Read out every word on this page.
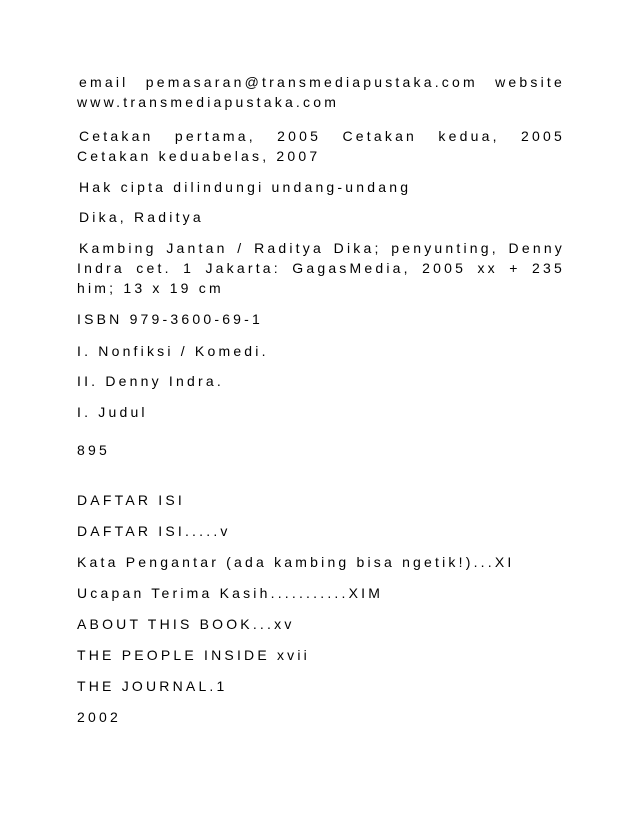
email pemasaran@transmediapustaka.com website www.transmediapustaka.com

Cetakan pertama, 2005 Cetakan kedua, 2005 Cetakan keduabelas, 2007

Hak cipta dilindungi undang-undang

Dika, Raditya

Kambing Jantan / Raditya Dika; penyunting, Denny Indra cet. 1 Jakarta: GagasMedia, 2005 xx + 235 him; 13 x 19 cm

ISBN 979-3600-69-1

I. Nonfiksi / Komedi.

II. Denny Indra.

I. Judul

895

DAFTAR ISI

DAFTAR ISI.....v

Kata Pengantar (ada kambing bisa ngetik!)...XI

Ucapan Terima Kasih...........XIM

ABOUT THIS BOOK...xv

THE PEOPLE INSIDE xvii

THE JOURNAL.1

2002
